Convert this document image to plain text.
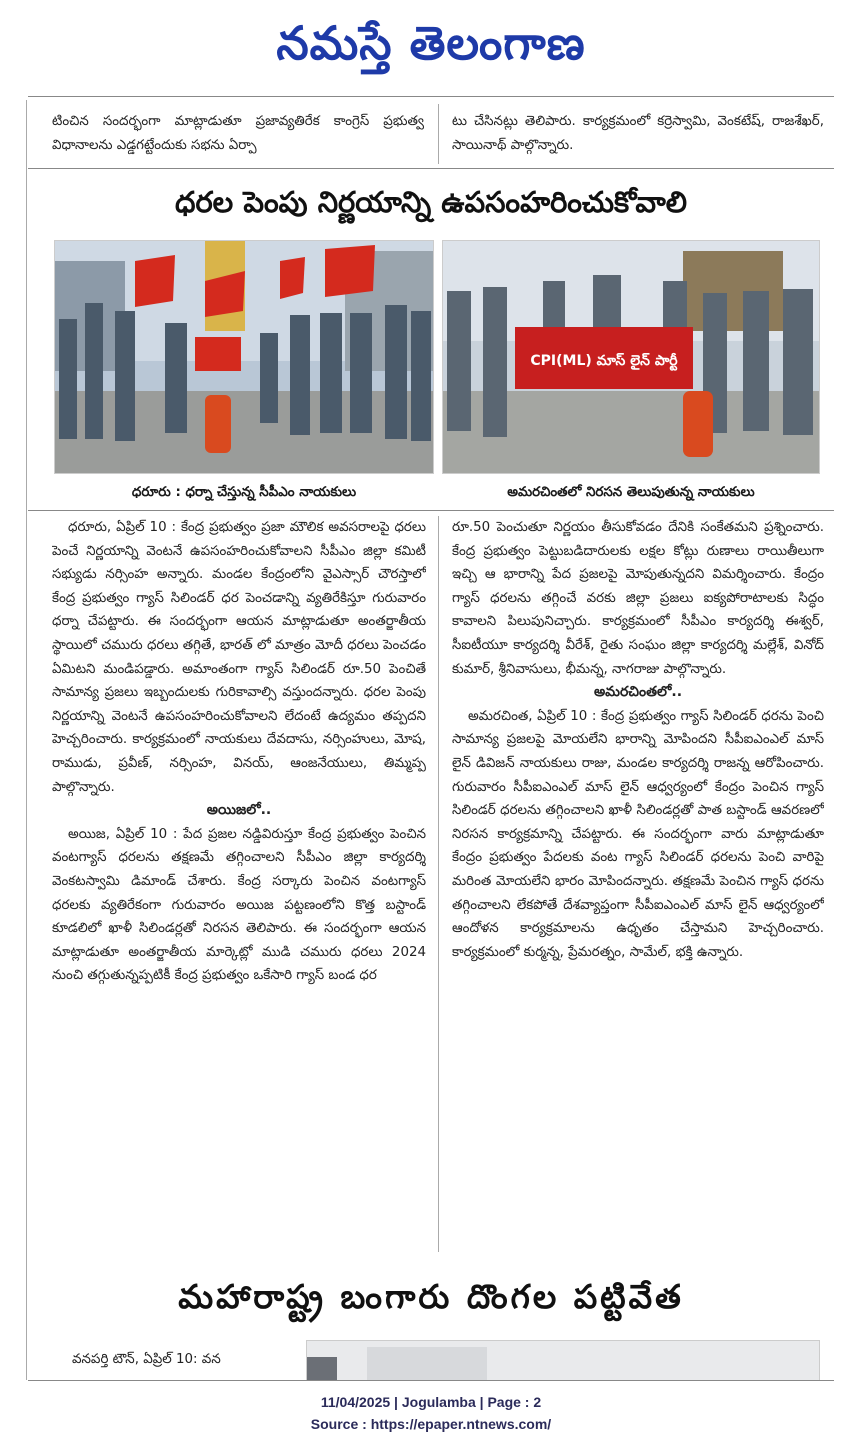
నమస్తే తెలంగాణ

టించిన సందర్భంగా మాట్లాడుతూ ప్రజావ్యతిరేక కాంగ్రెస్ ప్రభుత్వ విధానాలను ఎడ్డగట్టేందుకు సభను ఏర్పా

టు చేసినట్లు తెలిపారు. కార్యక్రమంలో కర్రెస్వామి, వెంకటేష్, రాజశేఖర్, సాయినాథ్ పాల్గొన్నారు.

ధరల పెంపు నిర్ణయాన్ని ఉపసంహరించుకోవాలి
ధరూరు : ధర్నా చేస్తున్న సీపీఎం నాయకులు
CPI(ML) మాస్ లైన్ పార్టీ
అమరచింతలో నిరసన తెలుపుతున్న నాయకులు

ధరూరు, ఏప్రిల్ 10 : కేంద్ర ప్రభుత్వం ప్రజా మౌలిక అవసరాలపై ధరలు పెంచే నిర్ణయాన్ని వెంటనే ఉపసంహరించుకోవాలని సీపీఎం జిల్లా కమిటీ సభ్యుడు నర్సింహ అన్నారు. మండల కేంద్రంలోని వైఎస్సార్ చౌరస్తాలో కేంద్ర ప్రభుత్వం గ్యాస్ సిలిండర్ ధర పెంచడాన్ని వ్యతిరేకిస్తూ గురువారం ధర్నా చేపట్టారు. ఈ సందర్భంగా ఆయన మాట్లాడుతూ అంతర్జాతీయ స్థాయిలో చమురు ధరలు తగ్గితే, భారత్ లో మాత్రం మోదీ ధరలు పెంచడం ఏమిటని మండిపడ్డారు. అమాంతంగా గ్యాస్ సిలిండర్ రూ.50 పెంచితే సామాన్య ప్రజలు ఇబ్బందులకు గురికావాల్సి వస్తుందన్నారు. ధరల పెంపు నిర్ణయాన్ని వెంటనే ఉపసంహరించుకోవాలని లేదంటే ఉద్యమం తప్పదని హెచ్చరించారు. కార్యక్రమంలో నాయకులు దేవదాసు, నర్సింహులు, మోష, రాముడు, ప్రవీణ్, నర్సింహ, వినయ్, ఆంజనేయులు, తిమ్మప్ప పాల్గొన్నారు.

అయిజలో..

అయిజ, ఏప్రిల్ 10 : పేద ప్రజల నడ్డివిరుస్తూ కేంద్ర ప్రభుత్వం పెంచిన వంటగ్యాస్ ధరలను తక్షణమే తగ్గించాలని సీపీఎం జిల్లా కార్యదర్శి వెంకటస్వామి డిమాండ్ చేశారు. కేంద్ర సర్కారు పెంచిన వంటగ్యాస్ ధరలకు వ్యతిరేకంగా గురువారం అయిజ పట్టణంలోని కొత్త బస్టాండ్ కూడలిలో ఖాళీ సిలిండర్లతో నిరసన తెలిపారు. ఈ సందర్భంగా ఆయన మాట్లాడుతూ అంతర్జాతీయ మార్కెట్లో ముడి చమురు ధరలు 2024 నుంచి తగ్గుతున్నప్పటికీ కేంద్ర ప్రభుత్వం ఒకేసారి గ్యాస్ బండ ధర

రూ.50 పెంచుతూ నిర్ణయం తీసుకోవడం దేనికి సంకేతమని ప్రశ్నించారు. కేంద్ర ప్రభుత్వం పెట్టుబడిదారులకు లక్షల కోట్లు రుణాలు రాయితీలుగా ఇచ్చి ఆ భారాన్ని పేద ప్రజలపై మోపుతున్నదని విమర్శించారు. కేంద్రం గ్యాస్ ధరలను తగ్గించే వరకు జిల్లా ప్రజలు ఐక్యపోరాటాలకు సిద్ధం కావాలని పిలుపునిచ్చారు. కార్యక్రమంలో సీపీఎం కార్యదర్శి ఈశ్వర్, సీఐటీయూ కార్యదర్శి వీరేశ్, రైతు సంఘం జిల్లా కార్యదర్శి మల్లేశ్, వినోద్ కుమార్, శ్రీనివాసులు, భీమన్న, నాగరాజు పాల్గొన్నారు.

అమరచింతలో..

అమరచింత, ఏప్రిల్ 10 : కేంద్ర ప్రభుత్వం గ్యాస్ సిలిండర్ ధరను పెంచి సామాన్య ప్రజలపై మోయలేని భారాన్ని మోపిందని సీపీఐఎంఎల్ మాస్ లైన్ డివిజన్ నాయకులు రాజు, మండల కార్యదర్శి రాజన్న ఆరోపించారు. గురువారం సీపీఐఎంఎల్ మాస్ లైన్ ఆధ్వర్యంలో కేంద్రం పెంచిన గ్యాస్ సిలిండర్ ధరలను తగ్గించాలని ఖాళీ సిలిండర్లతో పాత బస్టాండ్ ఆవరణలో నిరసన కార్యక్రమాన్ని చేపట్టారు. ఈ సందర్భంగా వారు మాట్లాడుతూ కేంద్రం ప్రభుత్వం పేదలకు వంట గ్యాస్ సిలిండర్ ధరలను పెంచి వారిపై మరింత మోయలేని భారం మోపిందన్నారు. తక్షణమే పెంచిన గ్యాస్ ధరను తగ్గించాలని లేకపోతే దేశవ్యాప్తంగా సీపీఐఎంఎల్ మాస్ లైన్ ఆధ్వర్యంలో ఆందోళన కార్యక్రమాలను ఉధృతం చేస్తామని హెచ్చరించారు. కార్యక్రమంలో కుర్మన్న, ప్రేమరత్నం, సామేల్, భక్తి ఉన్నారు.

మహారాష్ట్ర బంగారు దొంగల పట్టివేత

వనపర్తి టౌన్, ఏప్రిల్ 10: వన

11/04/2025 | Jogulamba | Page : 2
Source : https://epaper.ntnews.com/
